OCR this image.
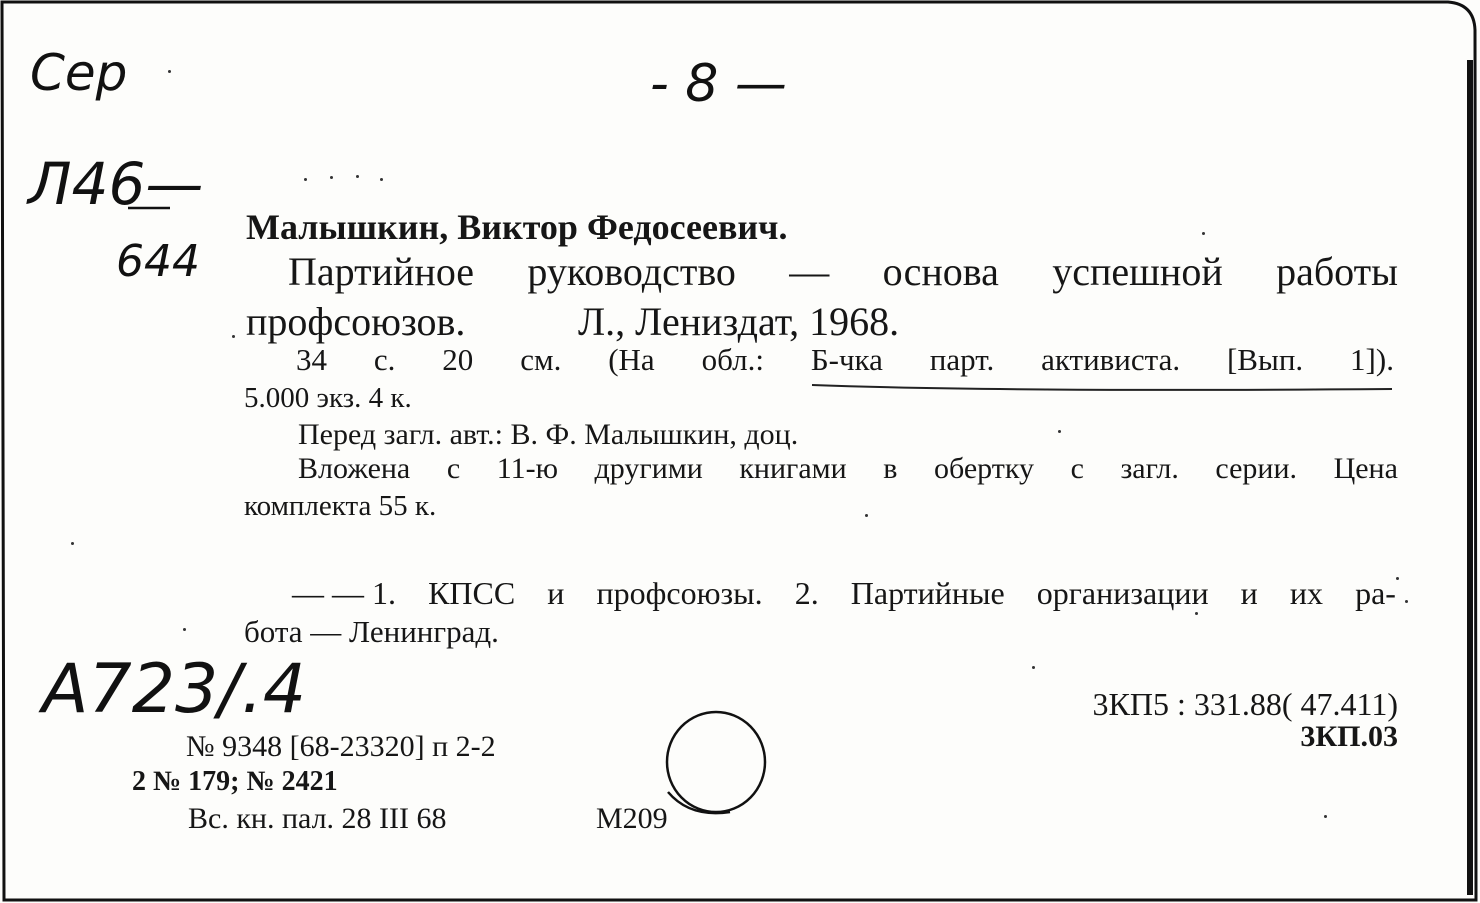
Сер	- 8 —
Л46—
644
А723/.4
Малышкин, Виктор Федосеевич.
Партийное руководство — основа успешной работы
профсоюзов.	Л., Лениздат, 1968.
34 с. 20 см. (На обл.: Б-чка парт. активиста. [Вып. 1]).
5.000 экз. 4 к.
Перед загл. авт.: В. Ф. Малышкин, доц.
Вложена с 11-ю другими книгами в обертку с загл. серии. Цена
комплекта 55 к.
— — 1. КПСС и профсоюзы. 2. Партийные организации и их ра-
бота — Ленинград.
3КП5 : 331.88( 47.411)
3КП.03
№ 9348 [68-23320] п 2-2
2 № 179; № 2421
Вс. кн. пал. 28 III 68	М209
